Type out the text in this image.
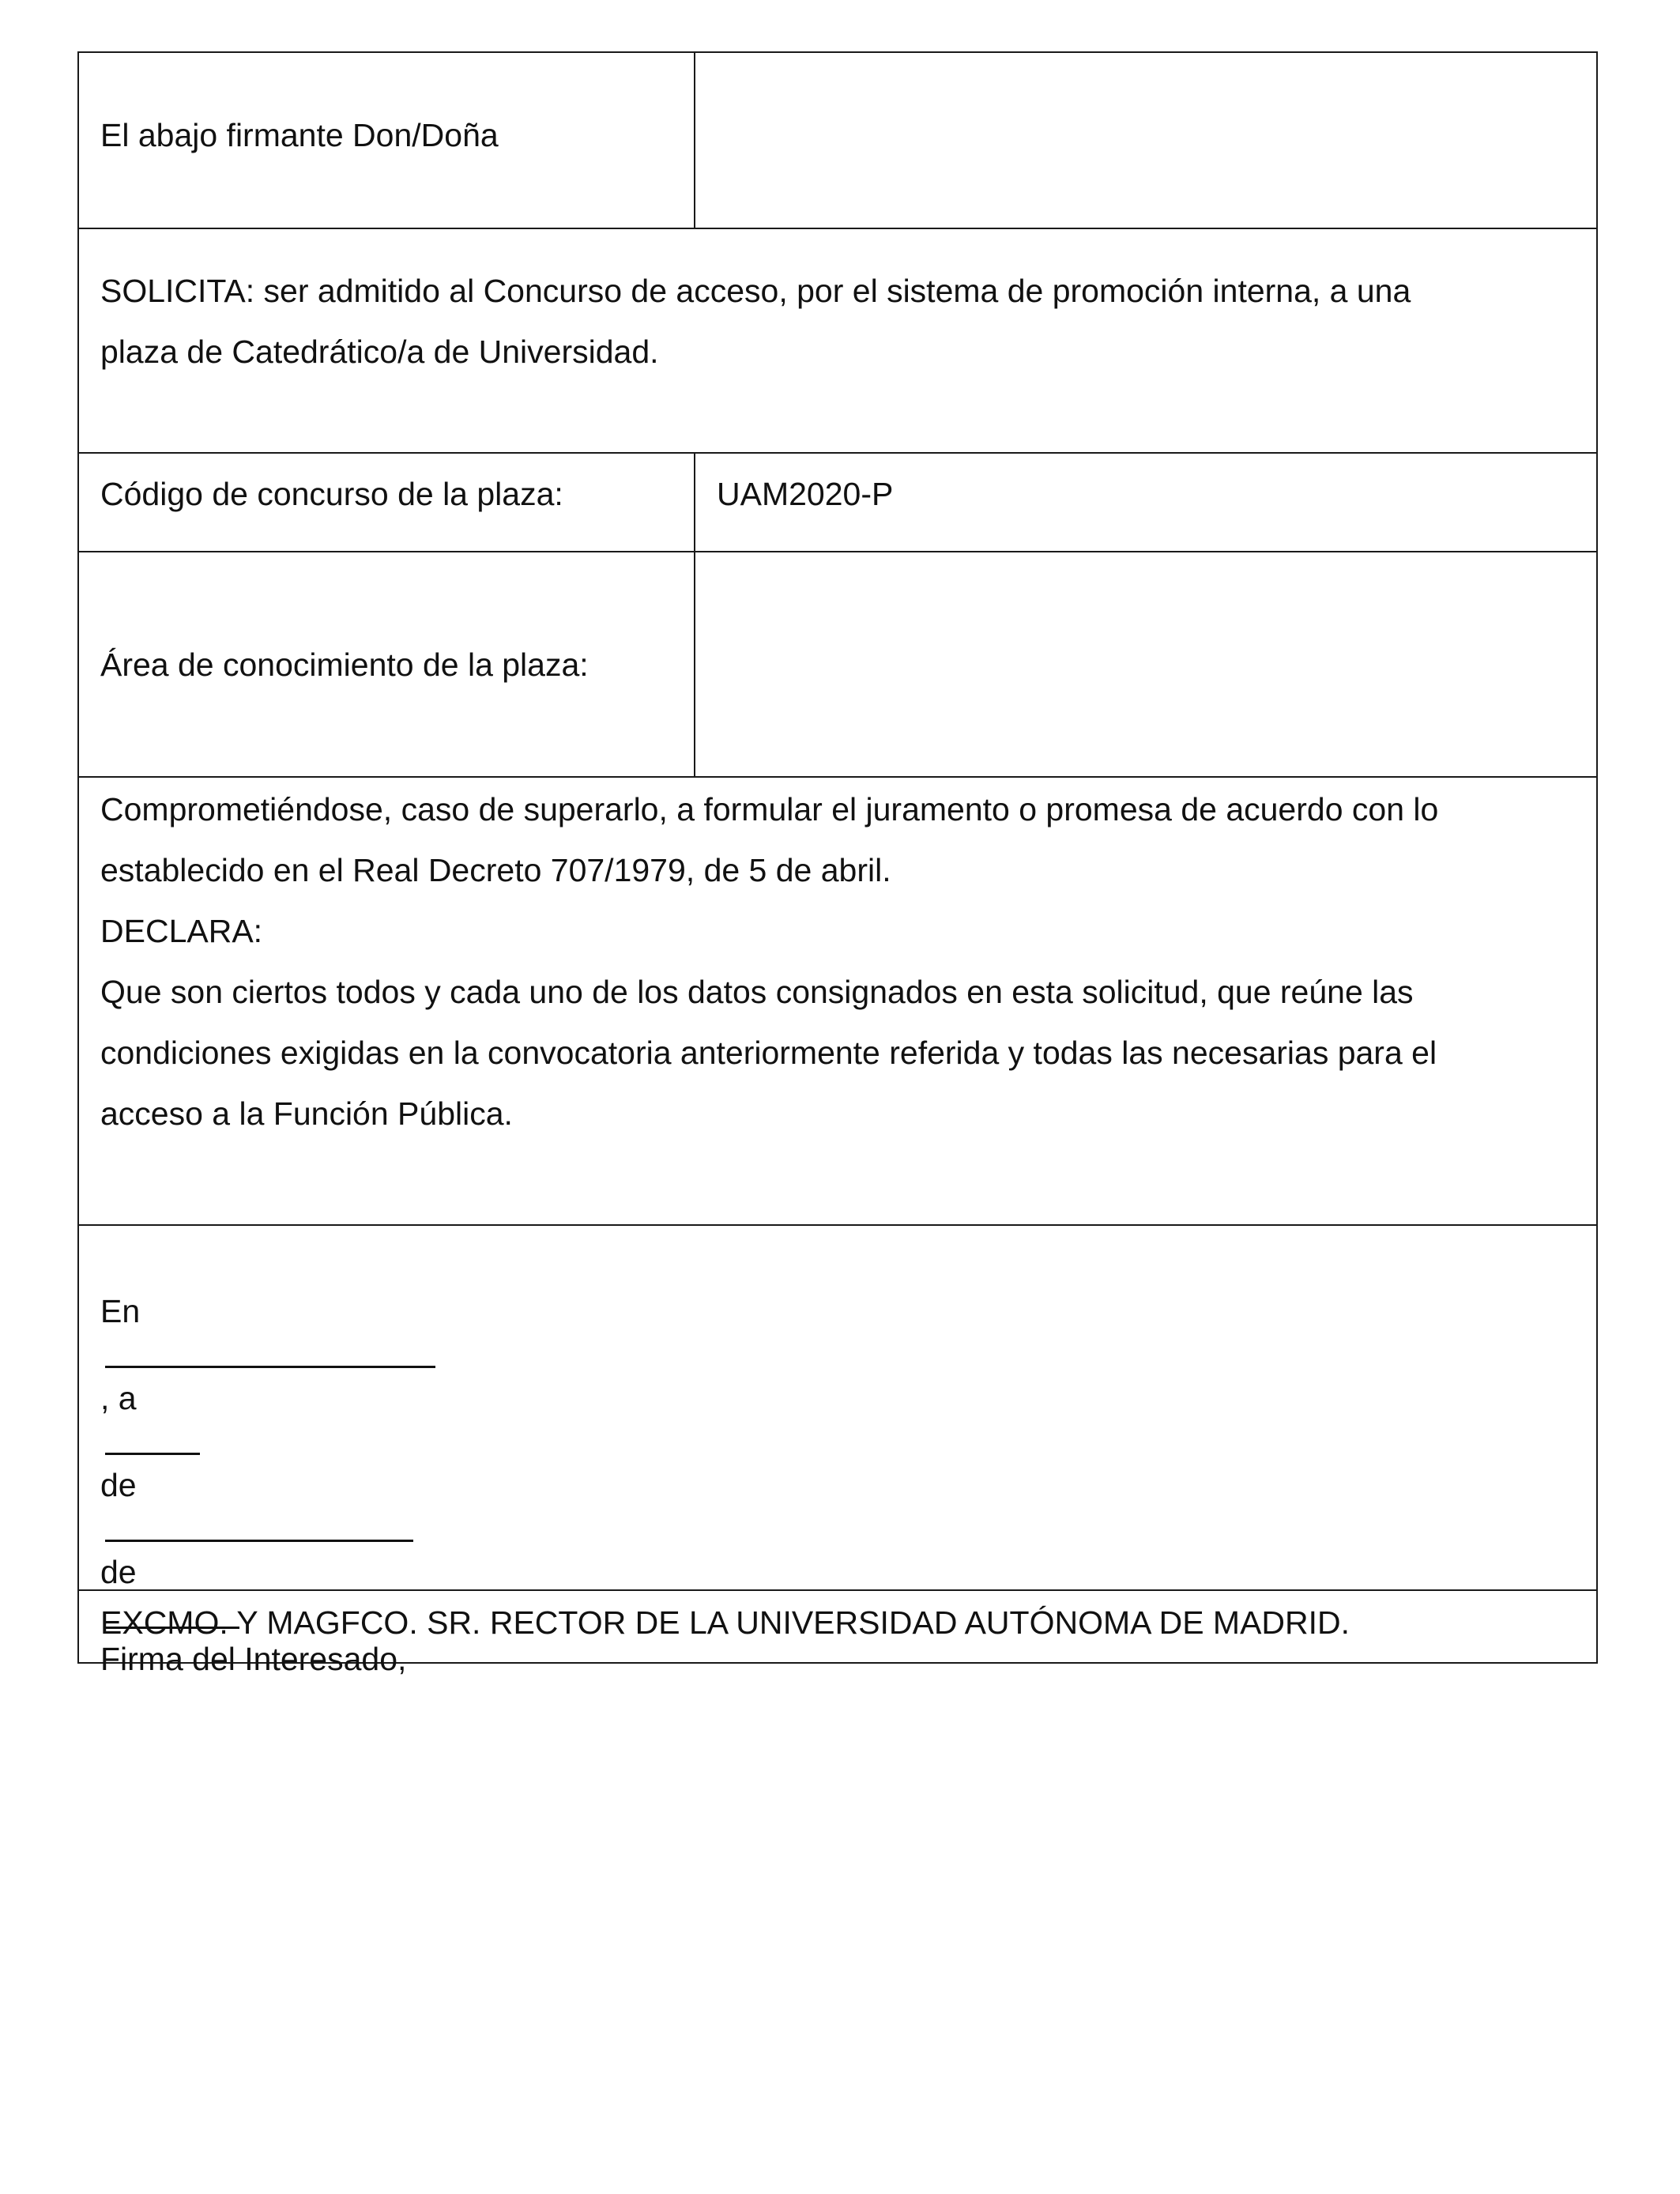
El abajo firmante Don/Doña
SOLICITA: ser admitido al Concurso de acceso, por el sistema de promoción interna, a una
plaza de Catedrático/a de Universidad.
Código de concurso de la plaza:	UAM2020-P
Área de conocimiento de la plaza:
Comprometiéndose, caso de superarlo, a formular el juramento o promesa de acuerdo con lo
establecido en el Real Decreto 707/1979, de 5 de abril.
DECLARA:
Que son ciertos todos y cada uno de los datos consignados en esta solicitud, que reúne las
condiciones exigidas en la convocatoria anteriormente referida y todas las necesarias para el
acceso a la Función Pública.
En
, a
de
de
Firma del Interesado,
EXCMO. Y MAGFCO. SR. RECTOR DE LA UNIVERSIDAD AUTÓNOMA DE MADRID.
